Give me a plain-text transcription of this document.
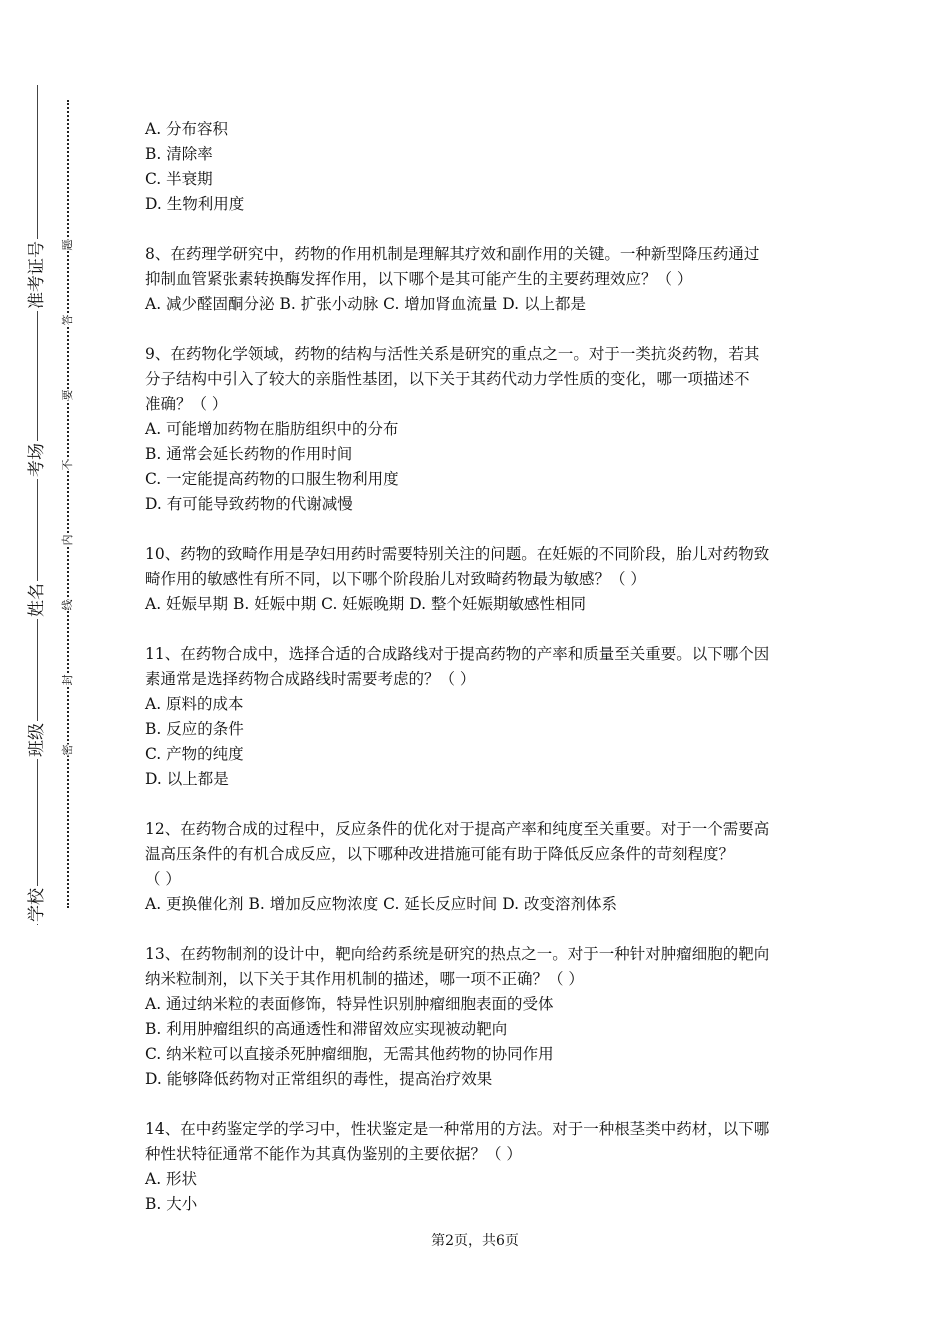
学校
班级
姓名
考场
准考证号
密
封
线
内
不
要
答
题
A. 分布容积
B. 清除率
C. 半衰期
D. 生物利用度
8、在药理学研究中，药物的作用机制是理解其疗效和副作用的关键。一种新型降压药通过
抑制血管紧张素转换酶发挥作用，以下哪个是其可能产生的主要药理效应？（ ）
A. 减少醛固酮分泌 B. 扩张小动脉 C. 增加肾血流量 D. 以上都是
9、在药物化学领域，药物的结构与活性关系是研究的重点之一。对于一类抗炎药物，若其
分子结构中引入了较大的亲脂性基团，以下关于其药代动力学性质的变化，哪一项描述不
准确？（ ）
A. 可能增加药物在脂肪组织中的分布
B. 通常会延长药物的作用时间
C. 一定能提高药物的口服生物利用度
D. 有可能导致药物的代谢减慢
10、药物的致畸作用是孕妇用药时需要特别关注的问题。在妊娠的不同阶段，胎儿对药物致
畸作用的敏感性有所不同，以下哪个阶段胎儿对致畸药物最为敏感？（ ）
A. 妊娠早期 B. 妊娠中期 C. 妊娠晚期 D. 整个妊娠期敏感性相同
11、在药物合成中，选择合适的合成路线对于提高药物的产率和质量至关重要。以下哪个因
素通常是选择药物合成路线时需要考虑的？（ ）
A. 原料的成本
B. 反应的条件
C. 产物的纯度
D. 以上都是
12、在药物合成的过程中，反应条件的优化对于提高产率和纯度至关重要。对于一个需要高
温高压条件的有机合成反应，以下哪种改进措施可能有助于降低反应条件的苛刻程度？
（ ）
A. 更换催化剂 B. 增加反应物浓度 C. 延长反应时间 D. 改变溶剂体系
13、在药物制剂的设计中，靶向给药系统是研究的热点之一。对于一种针对肿瘤细胞的靶向
纳米粒制剂，以下关于其作用机制的描述，哪一项不正确？（ ）
A. 通过纳米粒的表面修饰，特异性识别肿瘤细胞表面的受体
B. 利用肿瘤组织的高通透性和滞留效应实现被动靶向
C. 纳米粒可以直接杀死肿瘤细胞，无需其他药物的协同作用
D. 能够降低药物对正常组织的毒性，提高治疗效果
14、在中药鉴定学的学习中，性状鉴定是一种常用的方法。对于一种根茎类中药材，以下哪
种性状特征通常不能作为其真伪鉴别的主要依据？（ ）
A. 形状
B. 大小
第2页，共6页
